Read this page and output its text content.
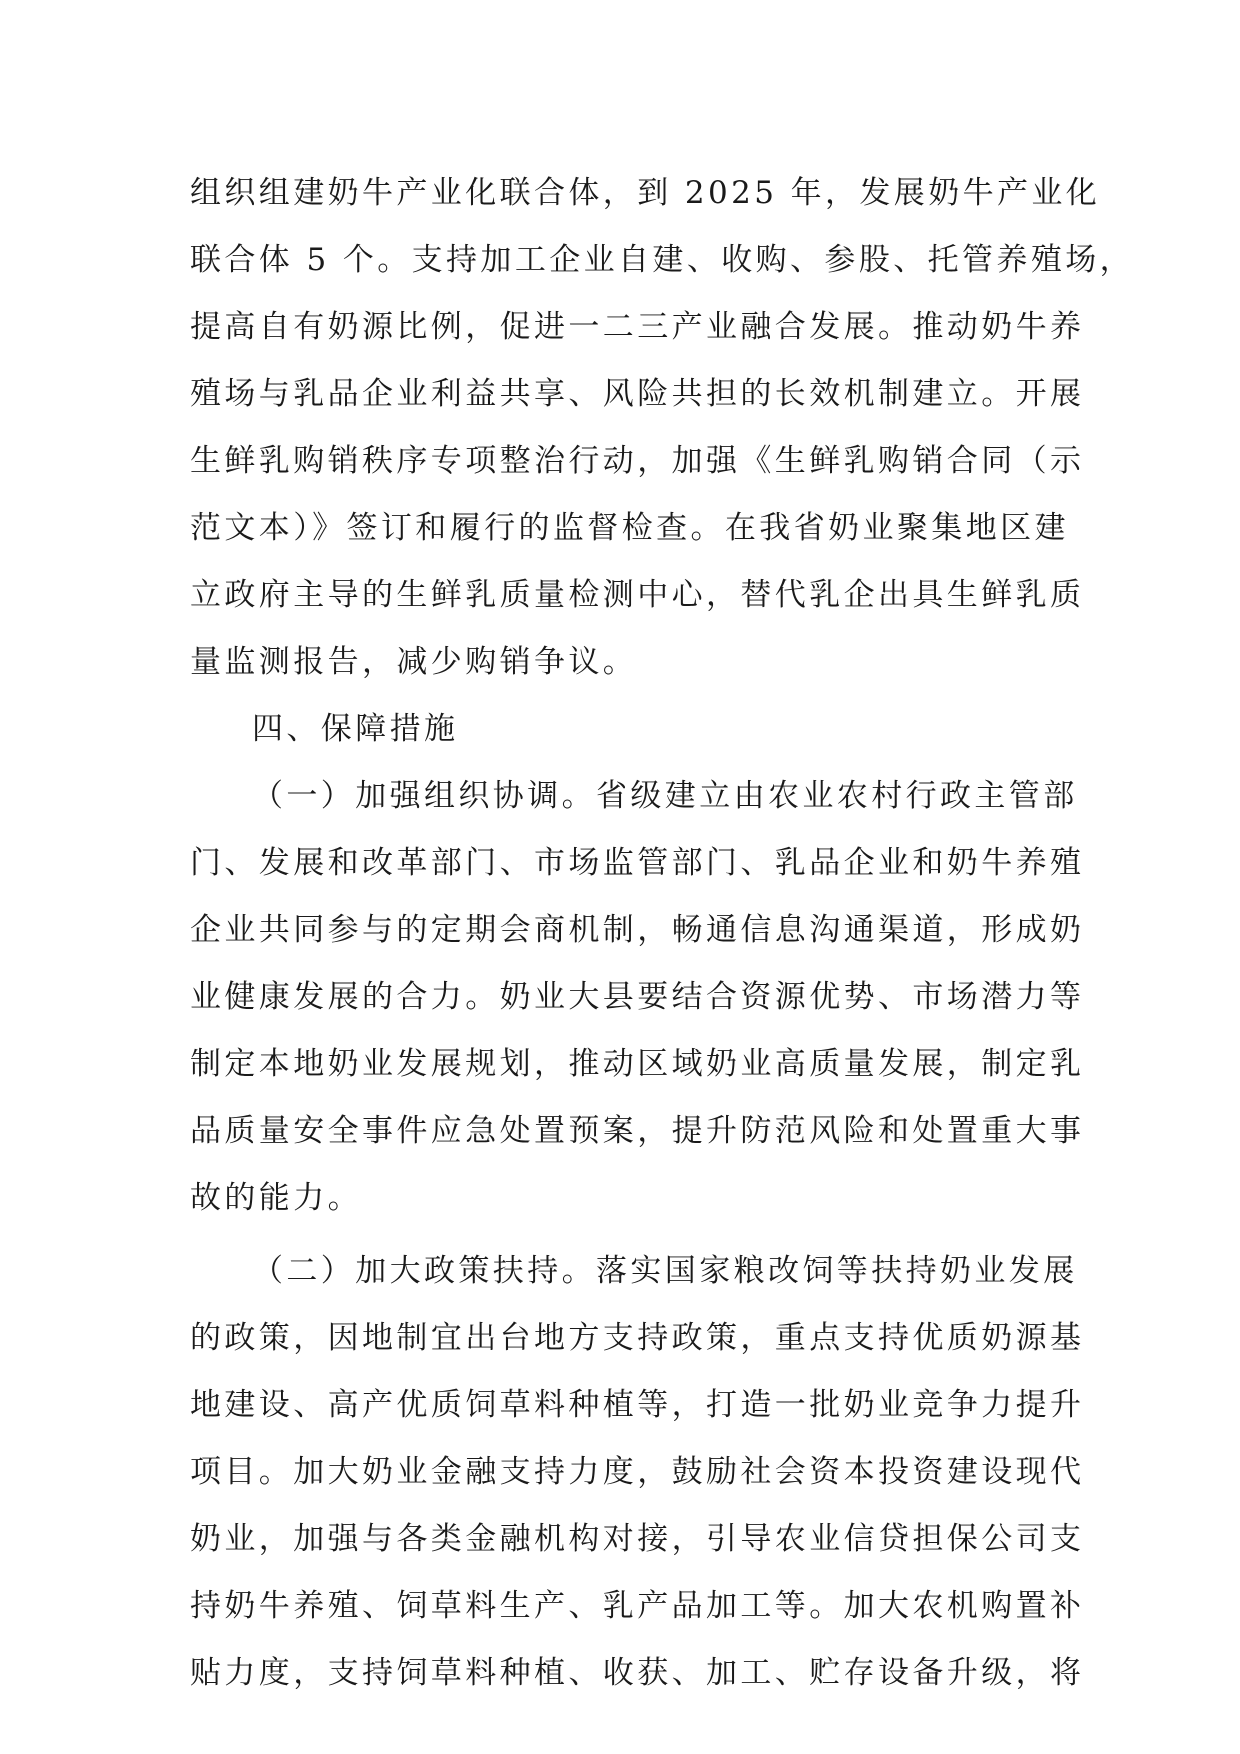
组织组建奶牛产业化联合体，到 2025 年，发展奶牛产业化
联合体 5 个。支持加工企业自建、收购、参股、托管养殖场，
提高自有奶源比例，促进一二三产业融合发展。推动奶牛养
殖场与乳品企业利益共享、风险共担的长效机制建立。开展
生鲜乳购销秩序专项整治行动，加强《生鲜乳购销合同（示
范文本）》签订和履行的监督检查。在我省奶业聚集地区建
立政府主导的生鲜乳质量检测中心，替代乳企出具生鲜乳质
量监测报告，减少购销争议。
四、保障措施
（一）加强组织协调。省级建立由农业农村行政主管部
门、发展和改革部门、市场监管部门、乳品企业和奶牛养殖
企业共同参与的定期会商机制，畅通信息沟通渠道，形成奶
业健康发展的合力。奶业大县要结合资源优势、市场潜力等
制定本地奶业发展规划，推动区域奶业高质量发展，制定乳
品质量安全事件应急处置预案，提升防范风险和处置重大事
故的能力。
（二）加大政策扶持。落实国家粮改饲等扶持奶业发展
的政策，因地制宜出台地方支持政策，重点支持优质奶源基
地建设、高产优质饲草料种植等，打造一批奶业竞争力提升
项目。加大奶业金融支持力度，鼓励社会资本投资建设现代
奶业，加强与各类金融机构对接，引导农业信贷担保公司支
持奶牛养殖、饲草料生产、乳产品加工等。加大农机购置补
贴力度，支持饲草料种植、收获、加工、贮存设备升级，将
